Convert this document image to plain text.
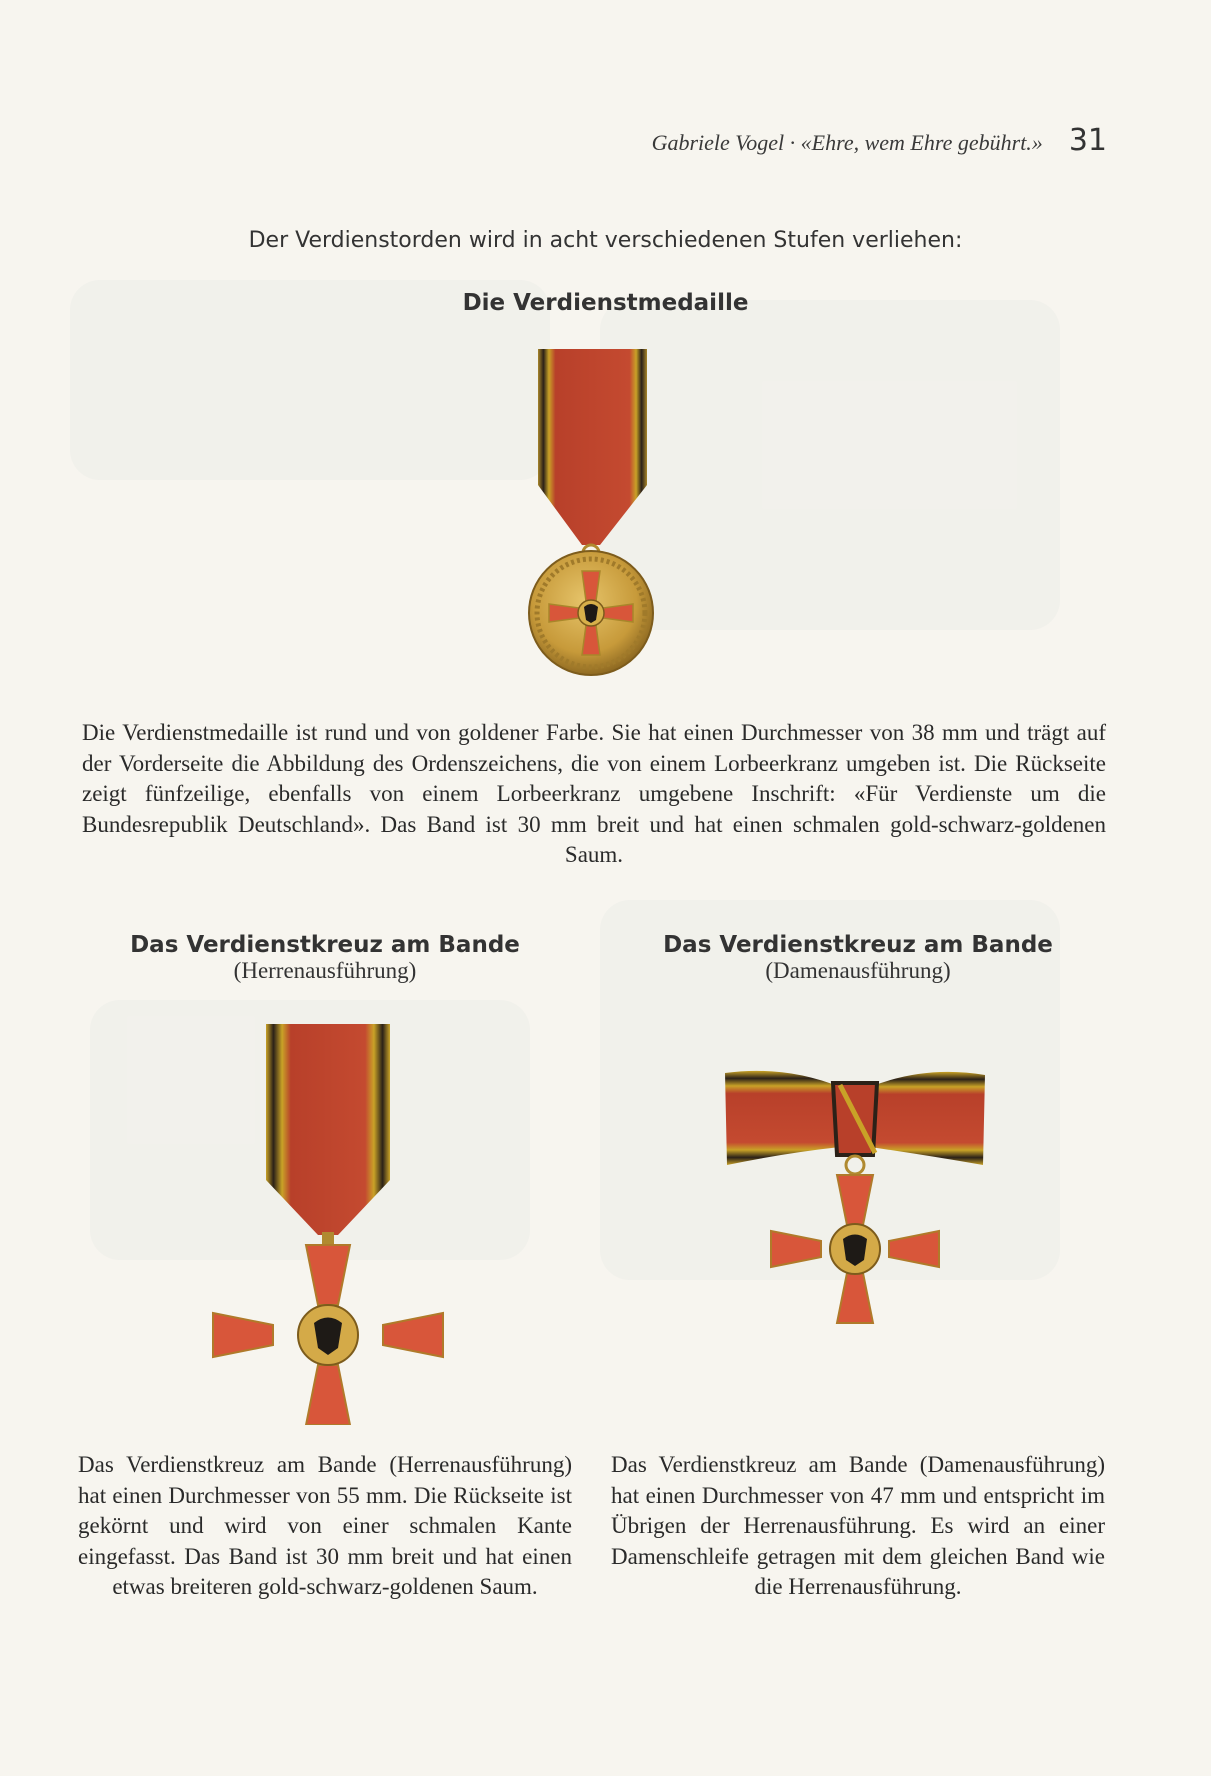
Gabriele Vogel · «Ehre, wem Ehre gebührt.» 31
Der Verdienstorden wird in acht verschiedenen Stufen verliehen:
Die Verdienstmedaille
Die Verdienstmedaille ist rund und von goldener Farbe. Sie hat einen Durchmesser von 38 mm und trägt auf der Vorderseite die Abbildung des Ordenszeichens, die von einem Lorbeerkranz umgeben ist. Die Rückseite zeigt fünfzeilige, ebenfalls von einem Lorbeerkranz umgebene Inschrift: «Für Verdienste um die Bundesrepublik Deutschland». Das Band ist 30 mm breit und hat einen schmalen gold-schwarz-goldenen Saum.
Das Verdienstkreuz am Bande
(Herrenausführung)
Das Verdienstkreuz am Bande
(Damenausführung)
Das Verdienstkreuz am Bande (Herrenausführung) hat einen Durchmesser von 55 mm. Die Rückseite ist gekörnt und wird von einer schmalen Kante eingefasst. Das Band ist 30 mm breit und hat einen etwas breiteren gold-schwarz-goldenen Saum.
Das Verdienstkreuz am Bande (Damenausführung) hat einen Durchmesser von 47 mm und entspricht im Übrigen der Herrenausführung. Es wird an einer Damenschleife getragen mit dem gleichen Band wie die Herrenausführung.
